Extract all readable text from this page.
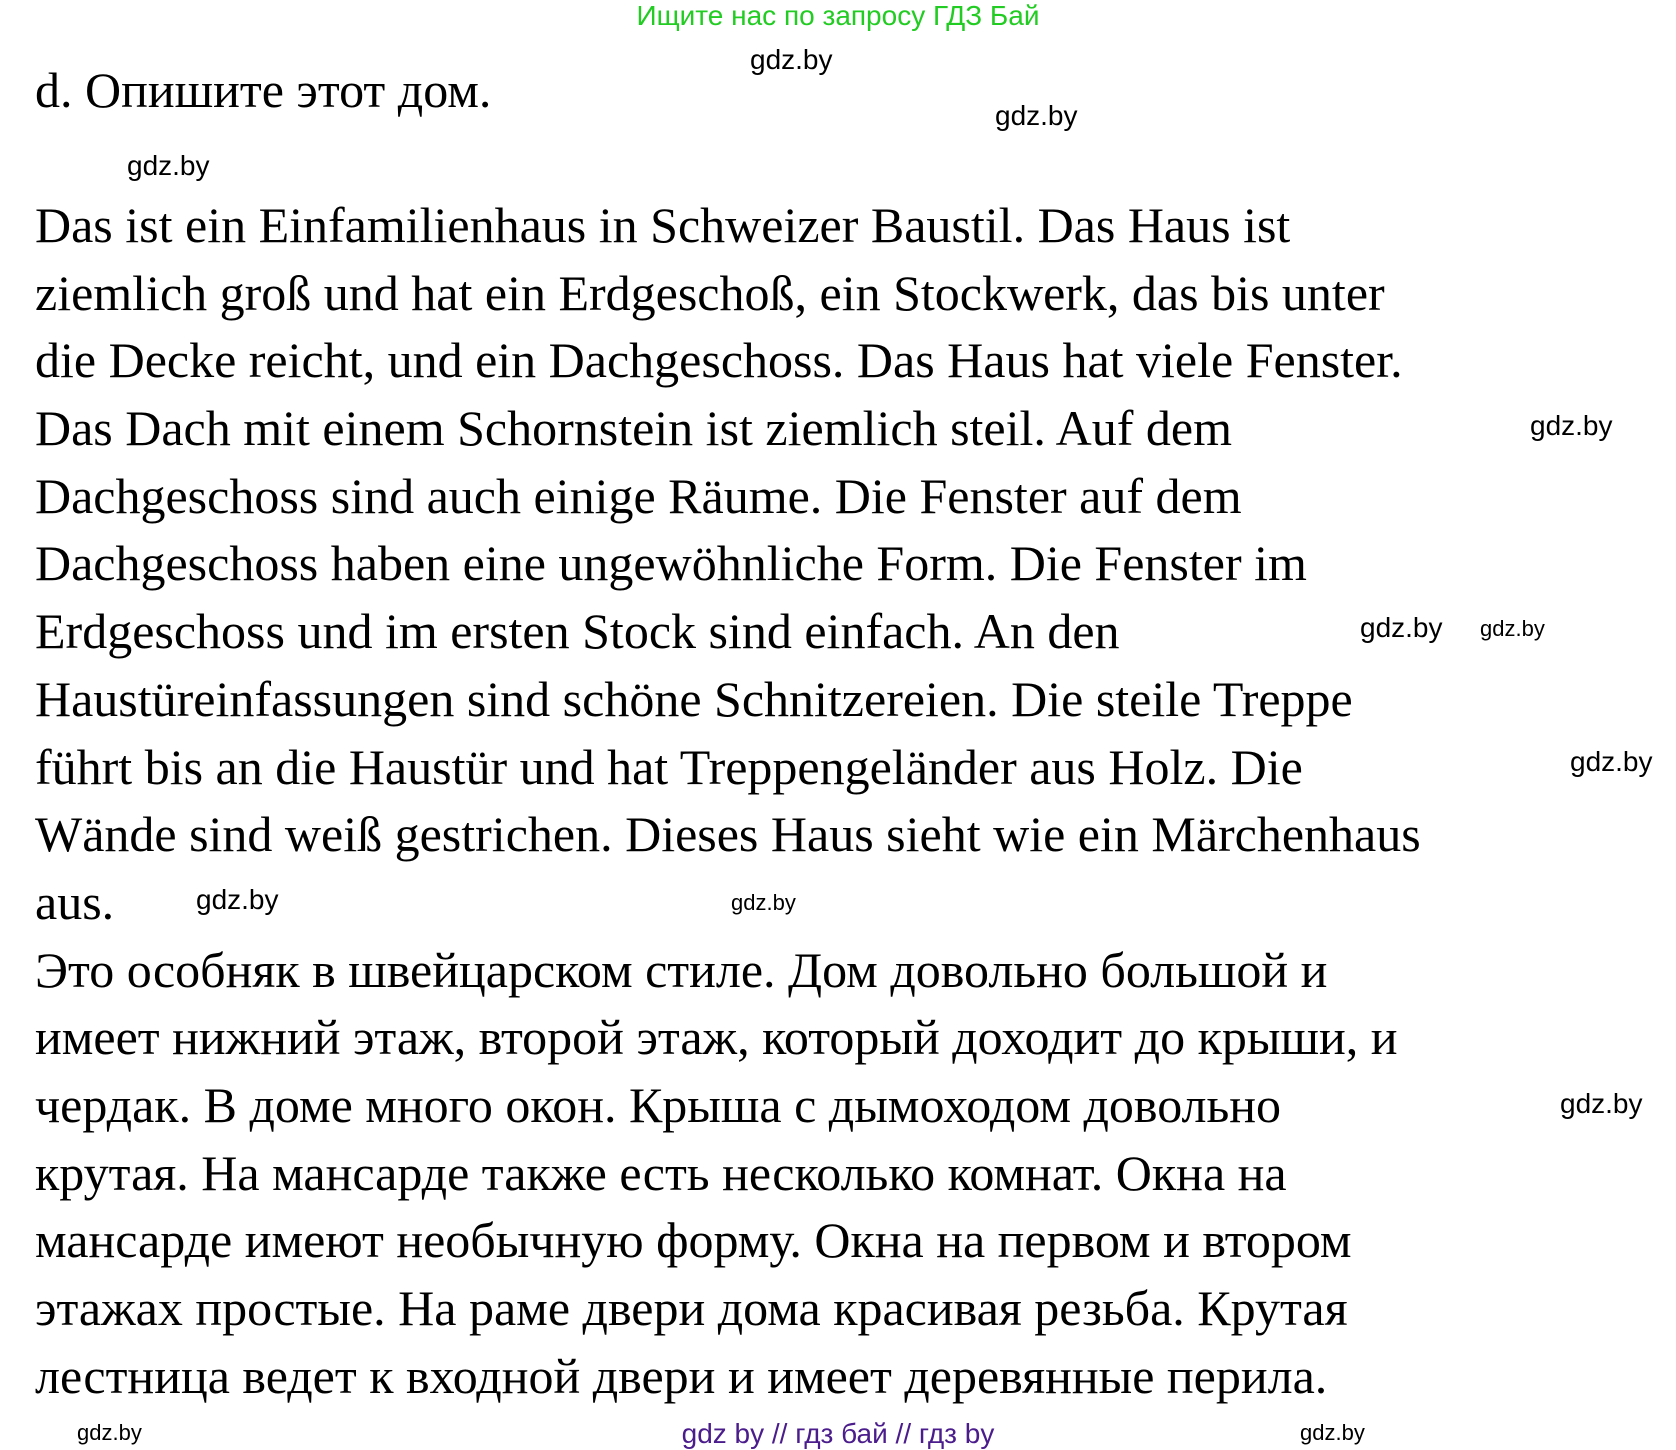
Ищите нас по запросу ГДЗ Бай
d. Опишите этот дом.
Das ist ein Einfamilienhaus in Schweizer Baustil. Das Haus ist
ziemlich groß und hat ein Erdgeschoß, ein Stockwerk, das bis unter
die Decke reicht, und ein Dachgeschoss. Das Haus hat viele Fenster.
Das Dach mit einem Schornstein ist ziemlich steil. Auf dem
Dachgeschoss sind auch einige Räume. Die Fenster auf dem
Dachgeschoss haben eine ungewöhnliche Form. Die Fenster im
Erdgeschoss und im ersten Stock sind einfach. An den
Haustüreinfassungen sind schöne Schnitzereien. Die steile Treppe
führt bis an die Haustür und hat Treppengeländer aus Holz. Die
Wände sind weiß gestrichen. Dieses Haus sieht wie ein Märchenhaus
aus.
Это особняк в швейцарском стиле. Дом довольно большой и
имеет нижний этаж, второй этаж, который доходит до крыши, и
чердак. В доме много окон. Крыша с дымоходом довольно
крутая. На мансарде также есть несколько комнат. Окна на
мансарде имеют необычную форму. Окна на первом и втором
этажах простые. На раме двери дома красивая резьба. Крутая
лестница ведет к входной двери и имеет деревянные перила.
gdz.by
gdz.by
gdz.by
gdz.by
gdz.by gdz.by
gdz.by
gdz.by	gdz.by
gdz.by
gdz.by	gdz.by
gdz by // гдз бай // гдз by
